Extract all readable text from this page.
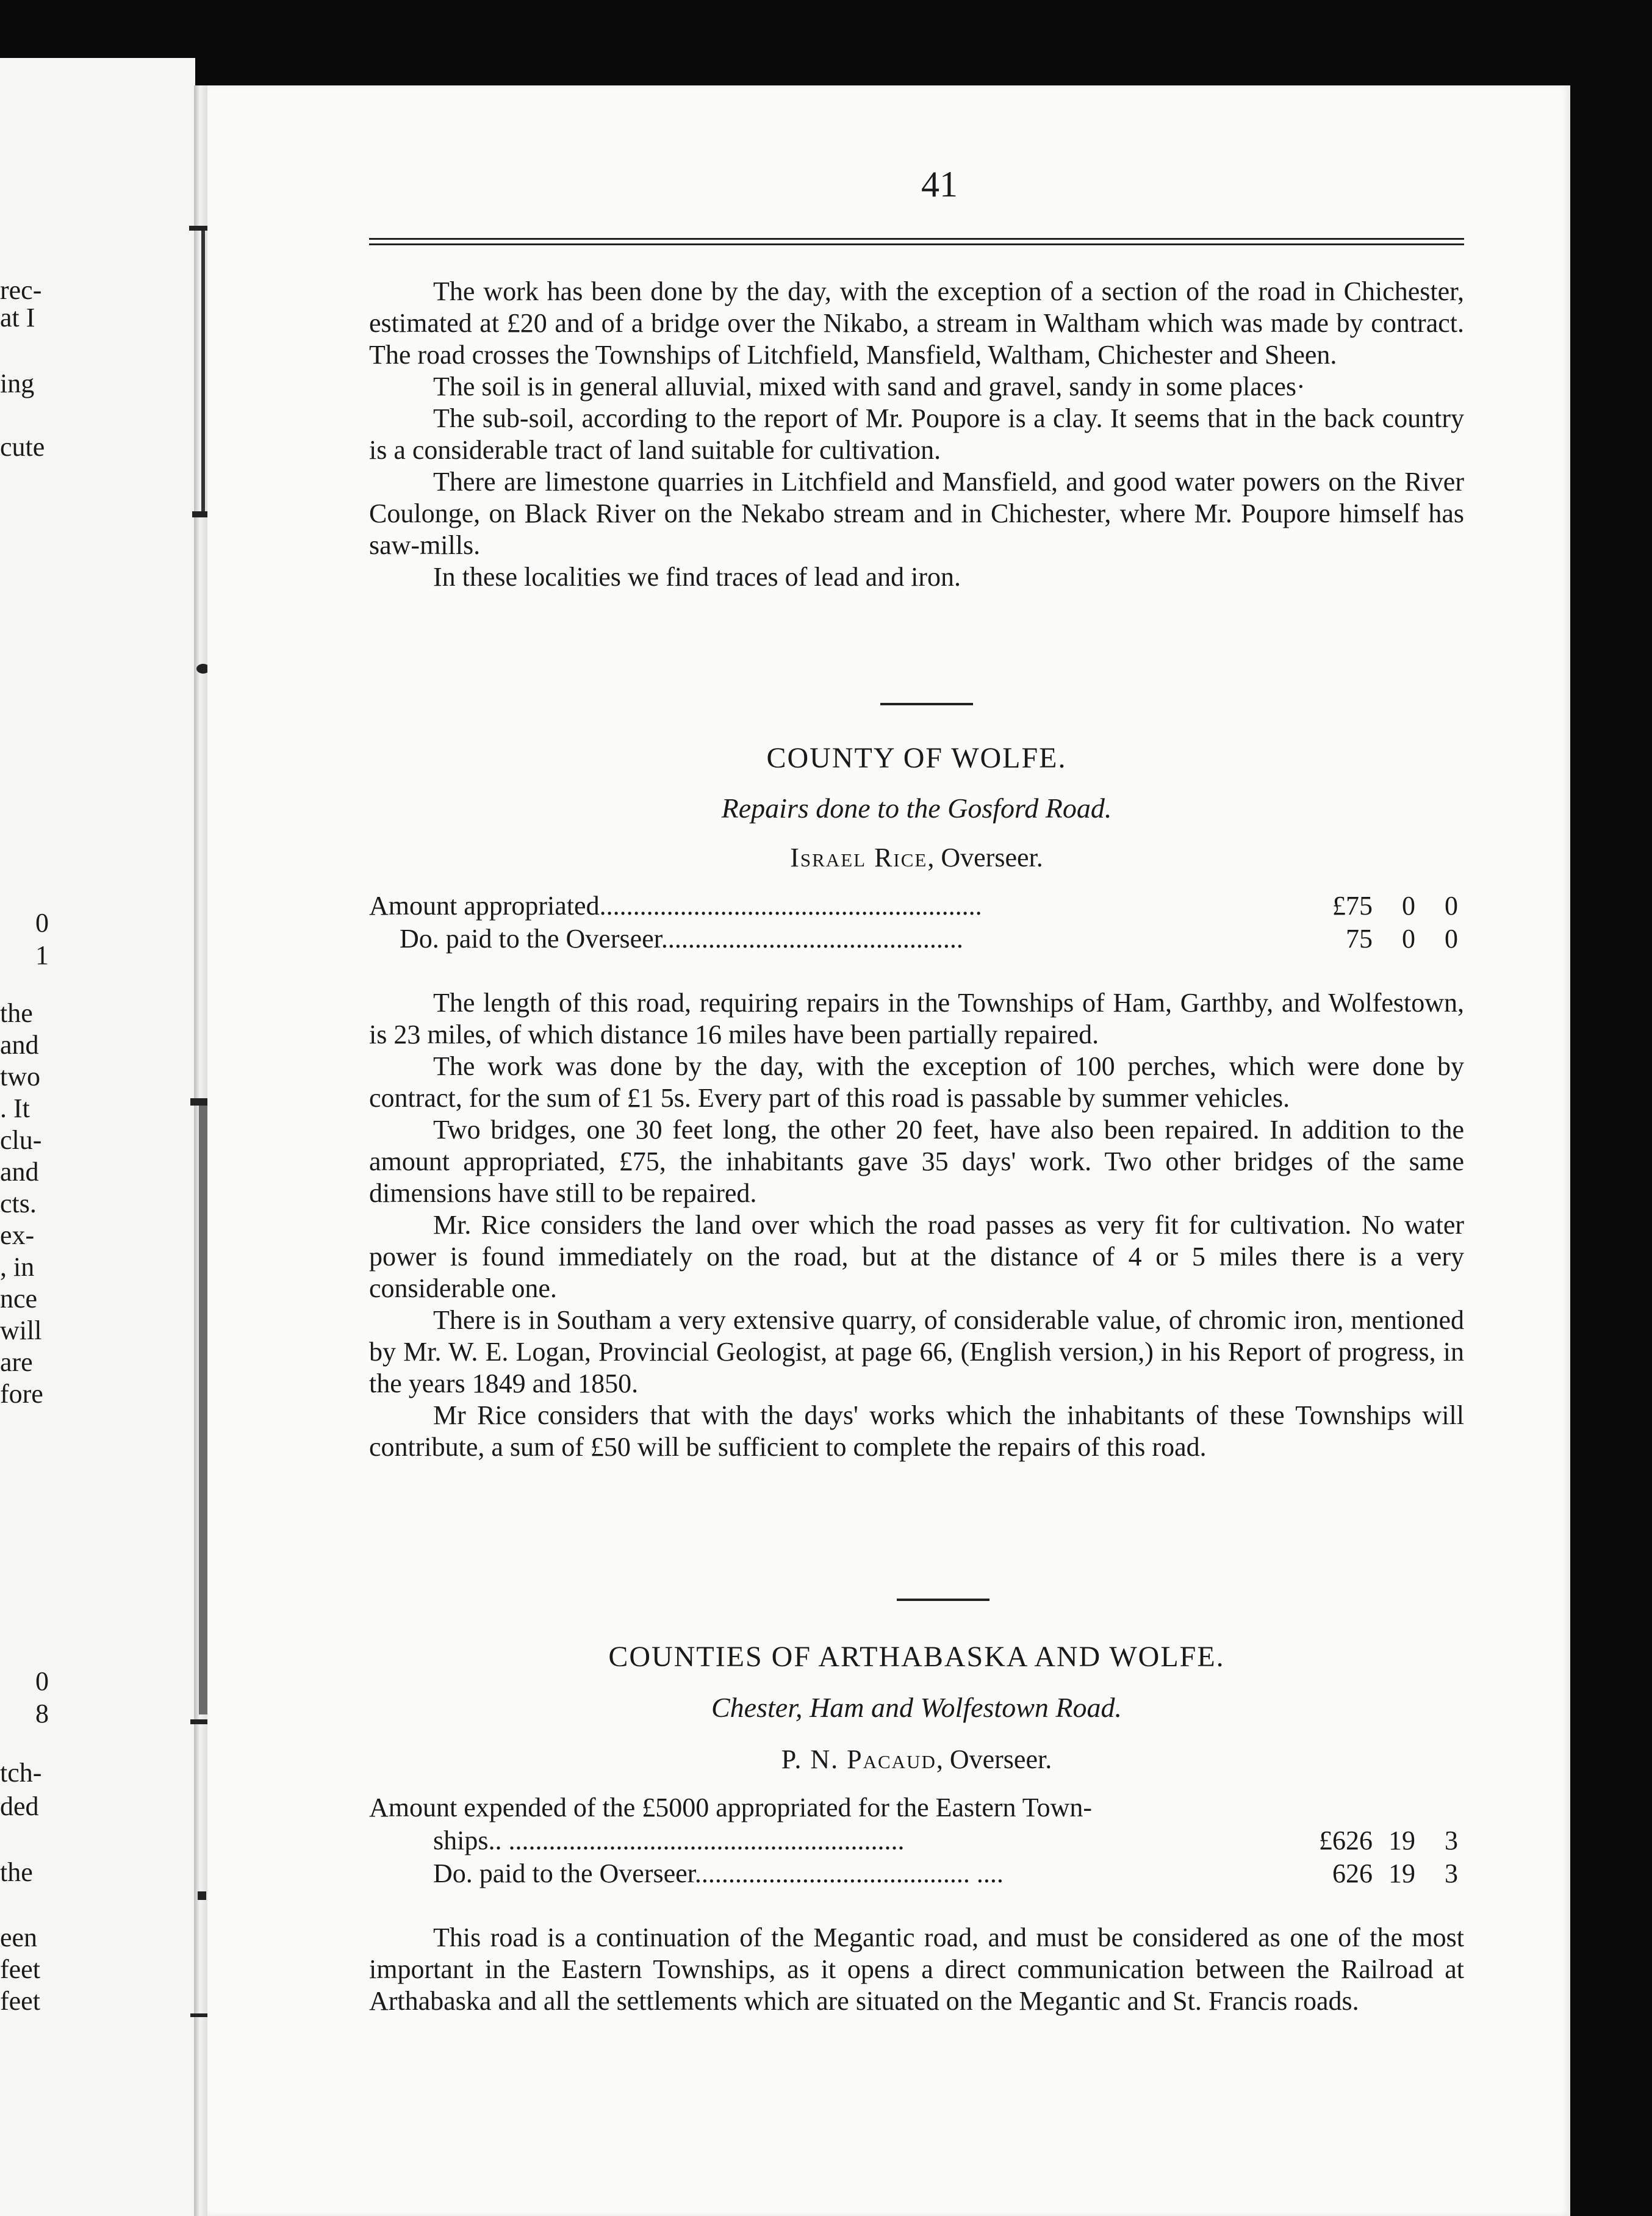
rec-
at I
ing
cute
0
1
the
and
two
. It
clu-
and
cts.
ex-
, in
nce
will
are
fore
0
8
tch-
ded
the
een
feet
feet
41

The work has been done by the day, with the exception of a section of the road in Chichester, estimated at £20 and of a bridge over the Nikabo, a stream in Waltham which was made by contract. The road crosses the Townships of Litchfield, Mansfield, Waltham, Chichester and Sheen.

The soil is in general alluvial, mixed with sand and gravel, sandy in some places·

The sub-soil, according to the report of Mr. Poupore is a clay. It seems that in the back country is a considerable tract of land suitable for cultivation.

There are limestone quarries in Litchfield and Mansfield, and good water powers on the River Coulonge, on Black River on the Nekabo stream and in Chichester, where Mr. Poupore himself has saw-mills.

In these localities we find traces of lead and iron.

COUNTY OF WOLFE.
Repairs done to the Gosford Road.
Israel Rice, Overseer.
Amount appropriated.........................................................	£75 0 0
Do. paid to the Overseer.............................................	75 0 0

The length of this road, requiring repairs in the Townships of Ham, Garthby, and Wolfestown, is 23 miles, of which distance 16 miles have been partially repaired.

The work was done by the day, with the exception of 100 perches, which were done by contract, for the sum of £1 5s. Every part of this road is passable by summer vehicles.

Two bridges, one 30 feet long, the other 20 feet, have also been repaired. In addition to the amount appropriated, £75, the inhabitants gave 35 days' work. Two other bridges of the same dimensions have still to be repaired.

Mr. Rice considers the land over which the road passes as very fit for cultivation. No water power is found immediately on the road, but at the distance of 4 or 5 miles there is a very considerable one.

There is in Southam a very extensive quarry, of considerable value, of chromic iron, mentioned by Mr. W. E. Logan, Provincial Geologist, at page 66, (English version,) in his Report of progress, in the years 1849 and 1850.

Mr Rice considers that with the days' works which the inhabitants of these Townships will contribute, a sum of £50 will be sufficient to complete the repairs of this road.

COUNTIES OF ARTHABASKA AND WOLFE.
Chester, Ham and Wolfestown Road.
P. N. Pacaud, Overseer.
Amount expended of the £5000 appropriated for the Eastern Town-
ships.. ...........................................................	£626 19 3
Do. paid to the Overseer......................................... ....	626 19 3

This road is a continuation of the Megantic road, and must be considered as one of the most important in the Eastern Townships, as it opens a direct communication between the Railroad at Arthabaska and all the settlements which are situated on the Megantic and St. Francis roads.
